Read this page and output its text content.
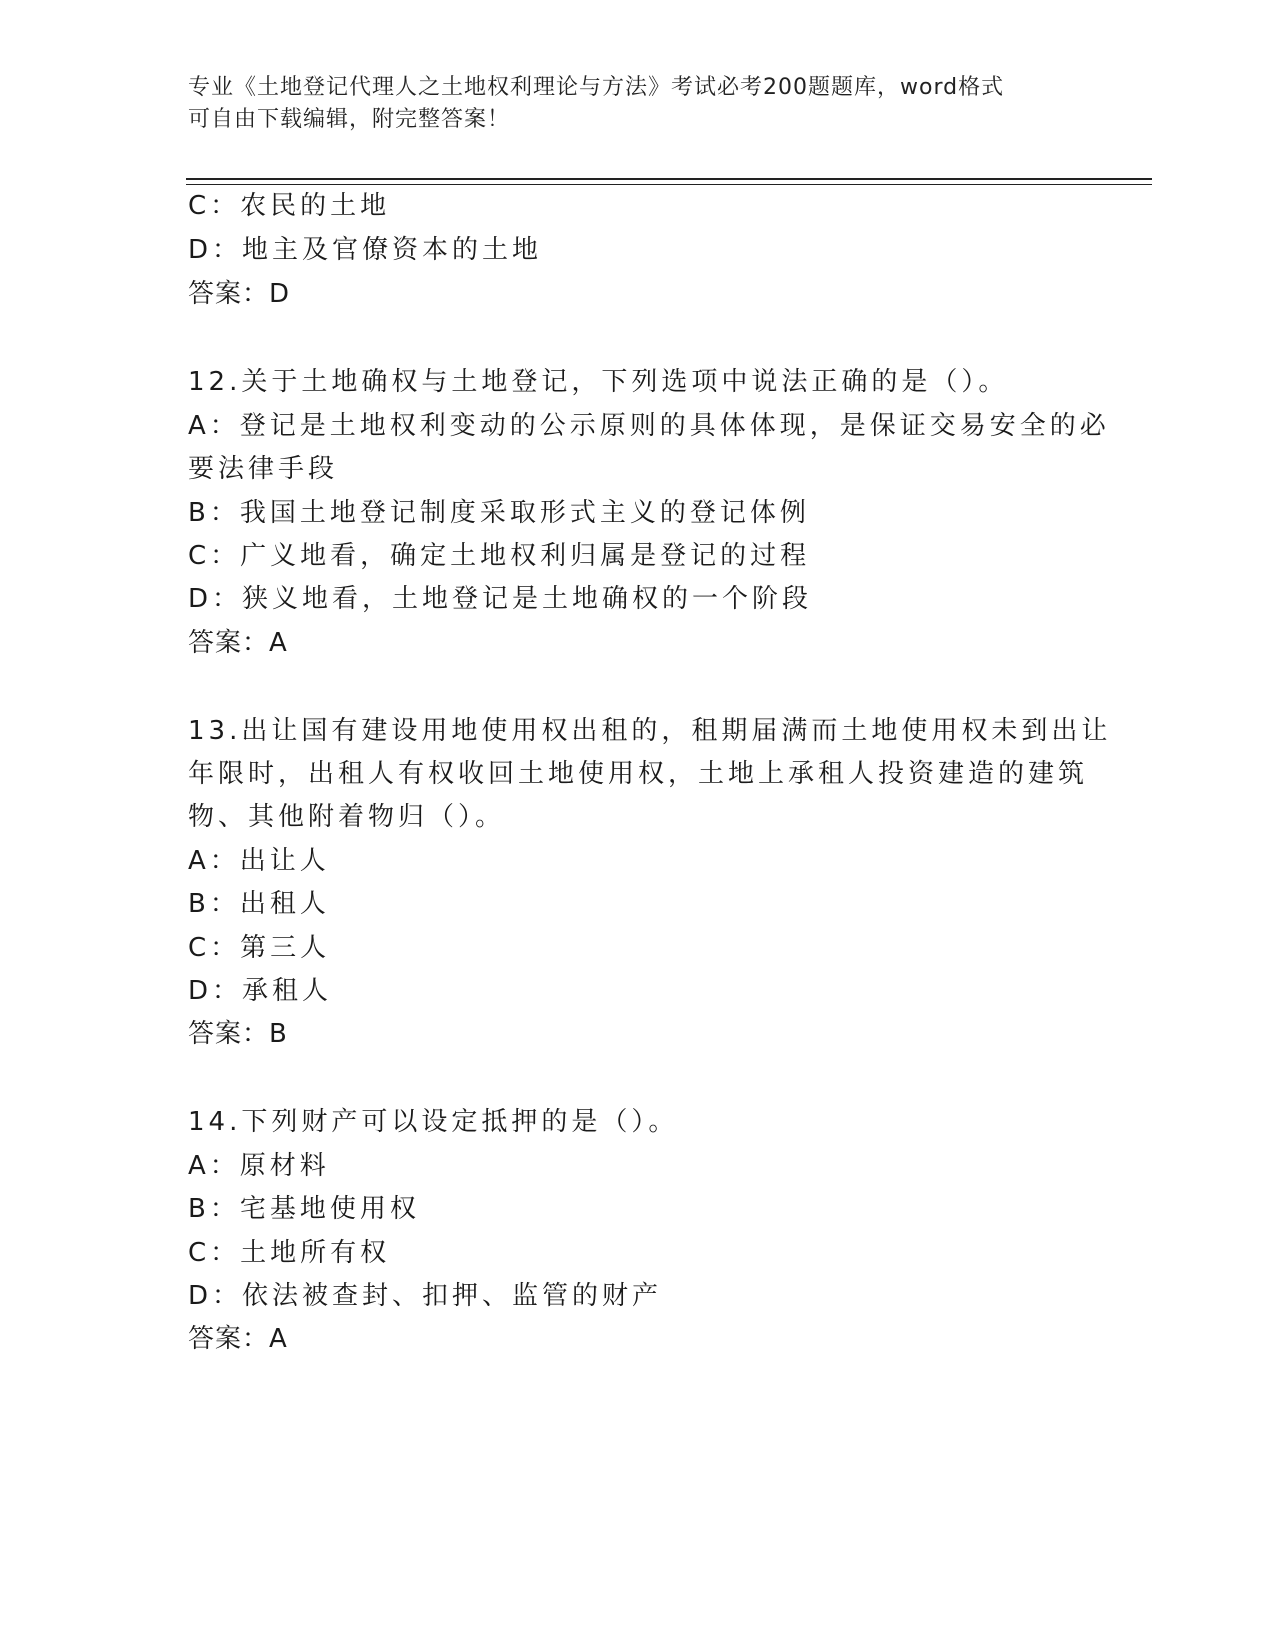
专业《土地登记代理人之土地权利理论与方法》考试必考200题题库，word格式
可自由下载编辑，附完整答案！
C：农民的土地
D：地主及官僚资本的土地
答案：D
12.关于土地确权与土地登记，下列选项中说法正确的是（）。
A：登记是土地权利变动的公示原则的具体体现，是保证交易安全的必
要法律手段
B：我国土地登记制度采取形式主义的登记体例
C：广义地看，确定土地权利归属是登记的过程
D：狭义地看，土地登记是土地确权的一个阶段
答案：A
13.出让国有建设用地使用权出租的，租期届满而土地使用权未到出让
年限时，出租人有权收回土地使用权，土地上承租人投资建造的建筑
物、其他附着物归（）。
A：出让人
B：出租人
C：第三人
D：承租人
答案：B
14.下列财产可以设定抵押的是（）。
A：原材料
B：宅基地使用权
C：土地所有权
D：依法被查封、扣押、监管的财产
答案：A
